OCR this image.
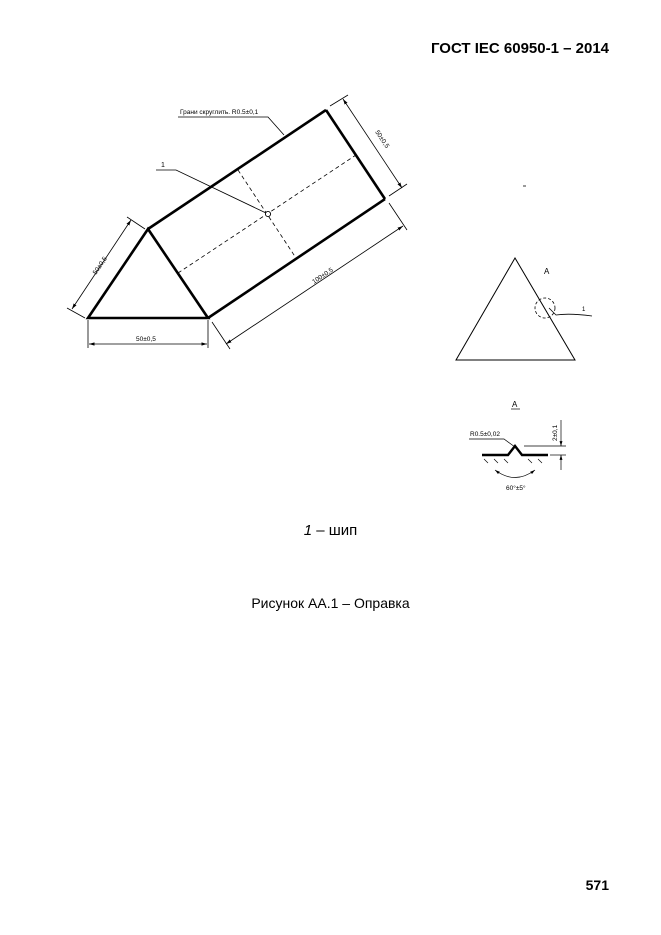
ГОСТ IEC 60950-1 – 2014
1
Грани скруглить. R0.5±0,1
50±0,5
100±0,5
50±0,5
50±0,5
A
1
A
R0.5±0,02	2±0,1
60°±5°
1 – шип
Рисунок АА.1 – Оправка
571
